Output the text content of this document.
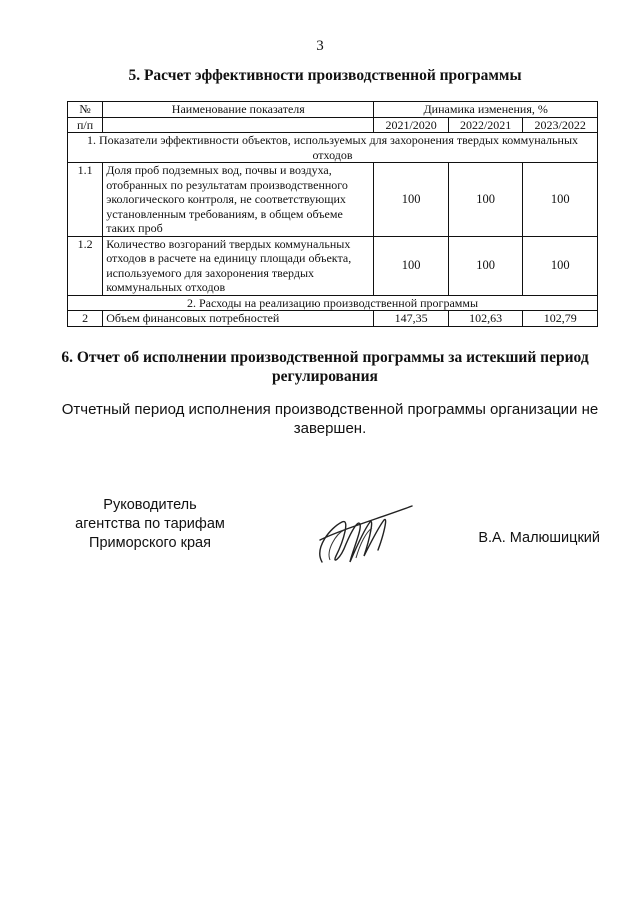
3
5. Расчет эффективности производственной программы
№	Наименование показателя	Динамика изменения, %		
п/п		2021/2020	2022/2021	2023/2022
1. Показатели эффективности объектов, используемых для захоронения твердых коммунальных отходов				
1.1	Доля проб подземных вод, почвы и воздуха, отобранных по результатам производственного экологического контроля, не соответствующих установленным требованиям, в общем объеме таких проб	100	100	100
1.2	Количество возгораний твердых коммунальных отходов в расчете на единицу площади объекта, используемого для захоронения твердых коммунальных отходов	100	100	100
2. Расходы на реализацию производственной программы				
2	Объем финансовых потребностей	147,35	102,63	102,79
6. Отчет об исполнении производственной программы за истекший период регулирования
Отчетный период исполнения производственной программы организации не завершен.
Руководитель
агентства по тарифам
Приморского края	В.А. Малюшицкий
